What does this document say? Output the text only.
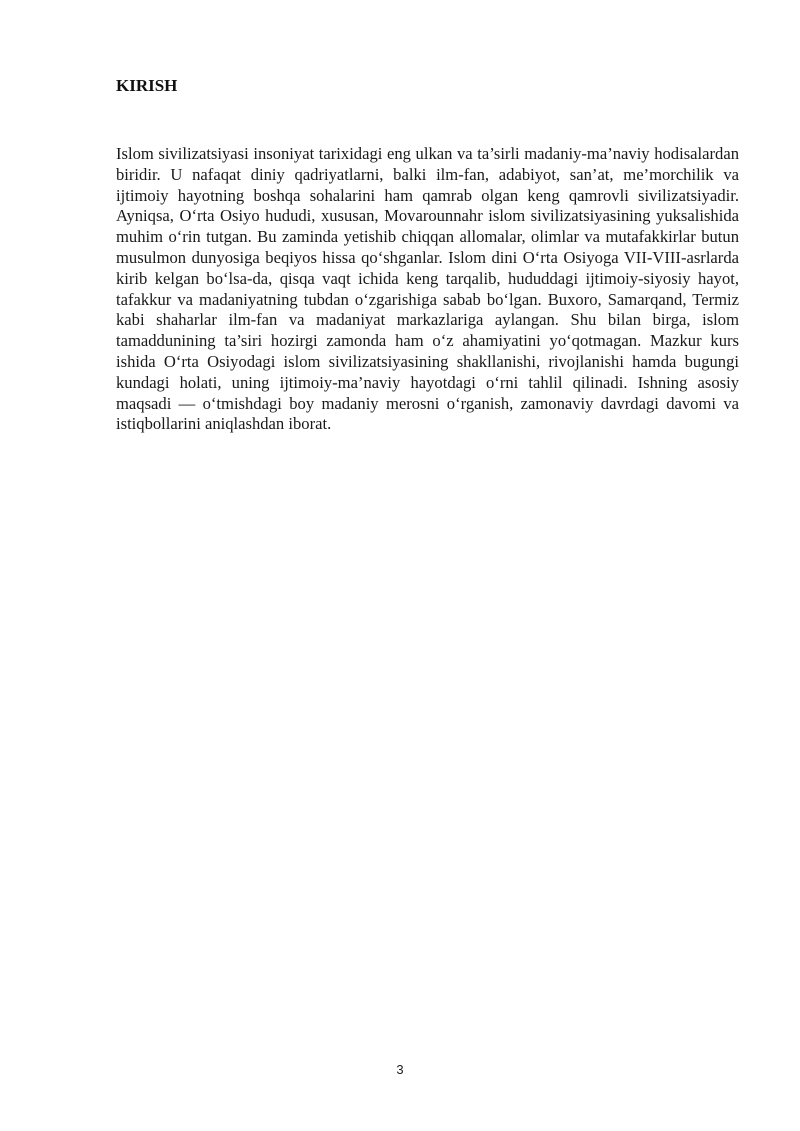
KIRISH

Islom sivilizatsiyasi insoniyat tarixidagi eng ulkan va ta’sirli madaniy-ma’naviy hodisalardan biridir. U nafaqat diniy qadriyatlarni, balki ilm-fan, adabiyot, san’at, me’morchilik va ijtimoiy hayotning boshqa sohalarini ham qamrab olgan keng qamrovli sivilizatsiyadir. Ayniqsa, O‘rta Osiyo hududi, xususan, Movarounnahr islom sivilizatsiyasining yuksalishida muhim o‘rin tutgan. Bu zaminda yetishib chiqqan allomalar, olimlar va mutafakkirlar butun musulmon dunyosiga beqiyos hissa qo‘shganlar. Islom dini O‘rta Osiyoga VII-VIII-asrlarda kirib kelgan bo‘lsa-da, qisqa vaqt ichida keng tarqalib, hududdagi ijtimoiy-siyosiy hayot, tafakkur va madaniyatning tubdan o‘zgarishiga sabab bo‘lgan. Buxoro, Samarqand, Termiz kabi shaharlar ilm-fan va madaniyat markazlariga aylangan. Shu bilan birga, islom tamaddunining ta’siri hozirgi zamonda ham o‘z ahamiyatini yo‘qotmagan. Mazkur kurs ishida O‘rta Osiyodagi islom sivilizatsiyasining shakllanishi, rivojlanishi hamda bugungi kundagi holati, uning ijtimoiy-ma’naviy hayotdagi o‘rni tahlil qilinadi. Ishning asosiy maqsadi — o‘tmishdagi boy madaniy merosni o‘rganish, zamonaviy davrdagi davomi va istiqbollarini aniqlashdan iborat.

3
